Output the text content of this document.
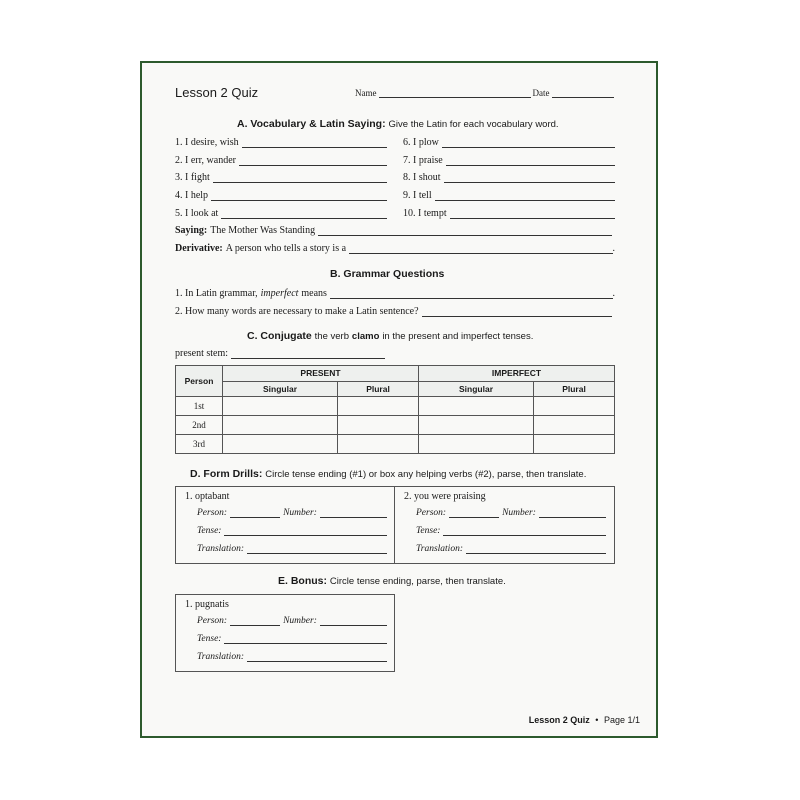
Lesson 2 Quiz	Name	Date
A. Vocabulary & Latin Saying: Give the Latin for each vocabulary word.
1. I desire, wish
2. I err, wander
3. I fight
4. I help
5. I look at
6. I plow
7. I praise
8. I shout
9. I tell
10. I tempt
Saying: The Mother Was Standing
Derivative: A person who tells a story is a	.
B. Grammar Questions
1. In Latin grammar, imperfect means	.
2. How many words are necessary to make a Latin sentence?
C. Conjugate the verb clamo in the present and imperfect tenses.
present stem:
Person	PRESENT		IMPERFECT	
	Singular	Plural	Singular	Plural
1st				
2nd				
3rd				
D. Form Drills: Circle tense ending (#1) or box any helping verbs (#2), parse, then translate.
1. optabant
Person:	Number:
Tense:
Translation:
2. you were praising
Person:	Number:
Tense:
Translation:
E. Bonus: Circle tense ending, parse, then translate.
1. pugnatis
Person:	Number:
Tense:
Translation:
Lesson 2 Quiz • Page 1/1
